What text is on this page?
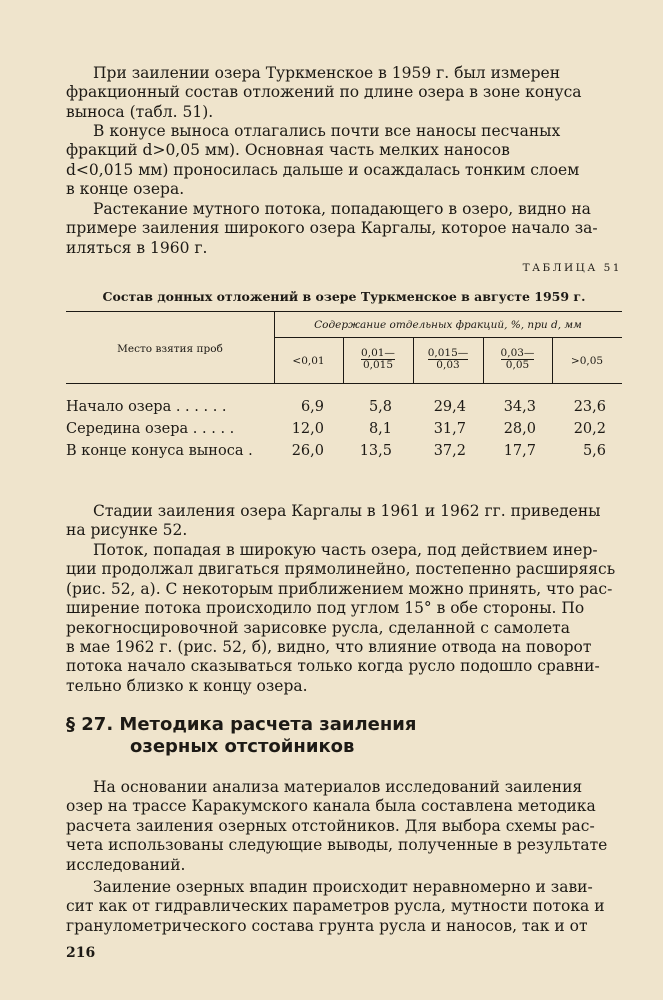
При заилении озера Туркменское в 1959 г. был измерен
фракционный состав отложений по длине озера в зоне конуса
выноса (табл. 51).

В конусе выноса отлагались почти все наносы песчаных
фракций d>0,05 мм). Основная часть мелких наносов
d<0,015 мм) проносилась дальше и осаждалась тонким слоем
в конце озера.

Растекание мутного потока, попадающего в озеро, видно на
примере заиления широкого озера Каргалы, которое начало за-
иляться в 1960 г.

ТАБЛИЦА 51
Состав донных отложений в озере Туркменское в августе 1959 г.
Место взятия проб
Содержание отдельных фракций, %, при d, мм
<0,01	$\frac{0,01—}{0,015}$	$\frac{0,015—}{0,03}$	$\frac{0,03—}{0,05}$	>0,05
Начало озера . . . . . .	6,9	5,8	29,4	34,3	23,6
Середина озера . . . . .	12,0	8,1	31,7	28,0	20,2
В конце конуса выноса .	26,0	13,5	37,2	17,7	5,6

Стадии заиления озера Каргалы в 1961 и 1962 гг. приведены
на рисунке 52.

Поток, попадая в широкую часть озера, под действием инер-
ции продолжал двигаться прямолинейно, постепенно расширяясь
(рис. 52, а). С некоторым приближением можно принять, что рас-
ширение потока происходило под углом 15° в обе стороны. По
рекогносцировочной зарисовке русла, сделанной с самолета
в мае 1962 г. (рис. 52, б), видно, что влияние отвода на поворот
потока начало сказываться только когда русло подошло сравни-
тельно близко к концу озера.

§ 27. Методика расчета заиления
озерных отстойников

На основании анализа материалов исследований заиления
озер на трассе Каракумского канала была составлена методика
расчета заиления озерных отстойников. Для выбора схемы рас-
чета использованы следующие выводы, полученные в результате
исследований.

Заиление озерных впадин происходит неравномерно и зави-
сит как от гидравлических параметров русла, мутности потока и
гранулометрического состава грунта русла и наносов, так и от

216
